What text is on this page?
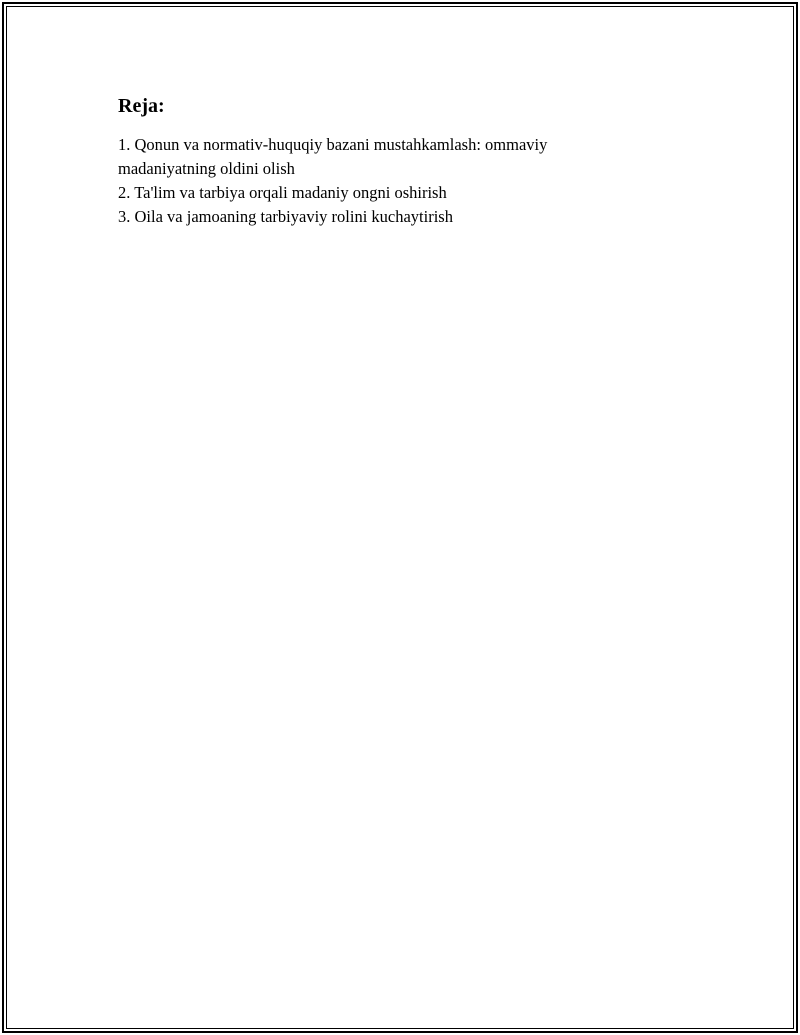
Reja:
1. Qonun va normativ-huquqiy bazani mustahkamlash: ommaviy madaniyatning oldini olish
2. Ta'lim va tarbiya orqali madaniy ongni oshirish
3. Oila va jamoaning tarbiyaviy rolini kuchaytirish
